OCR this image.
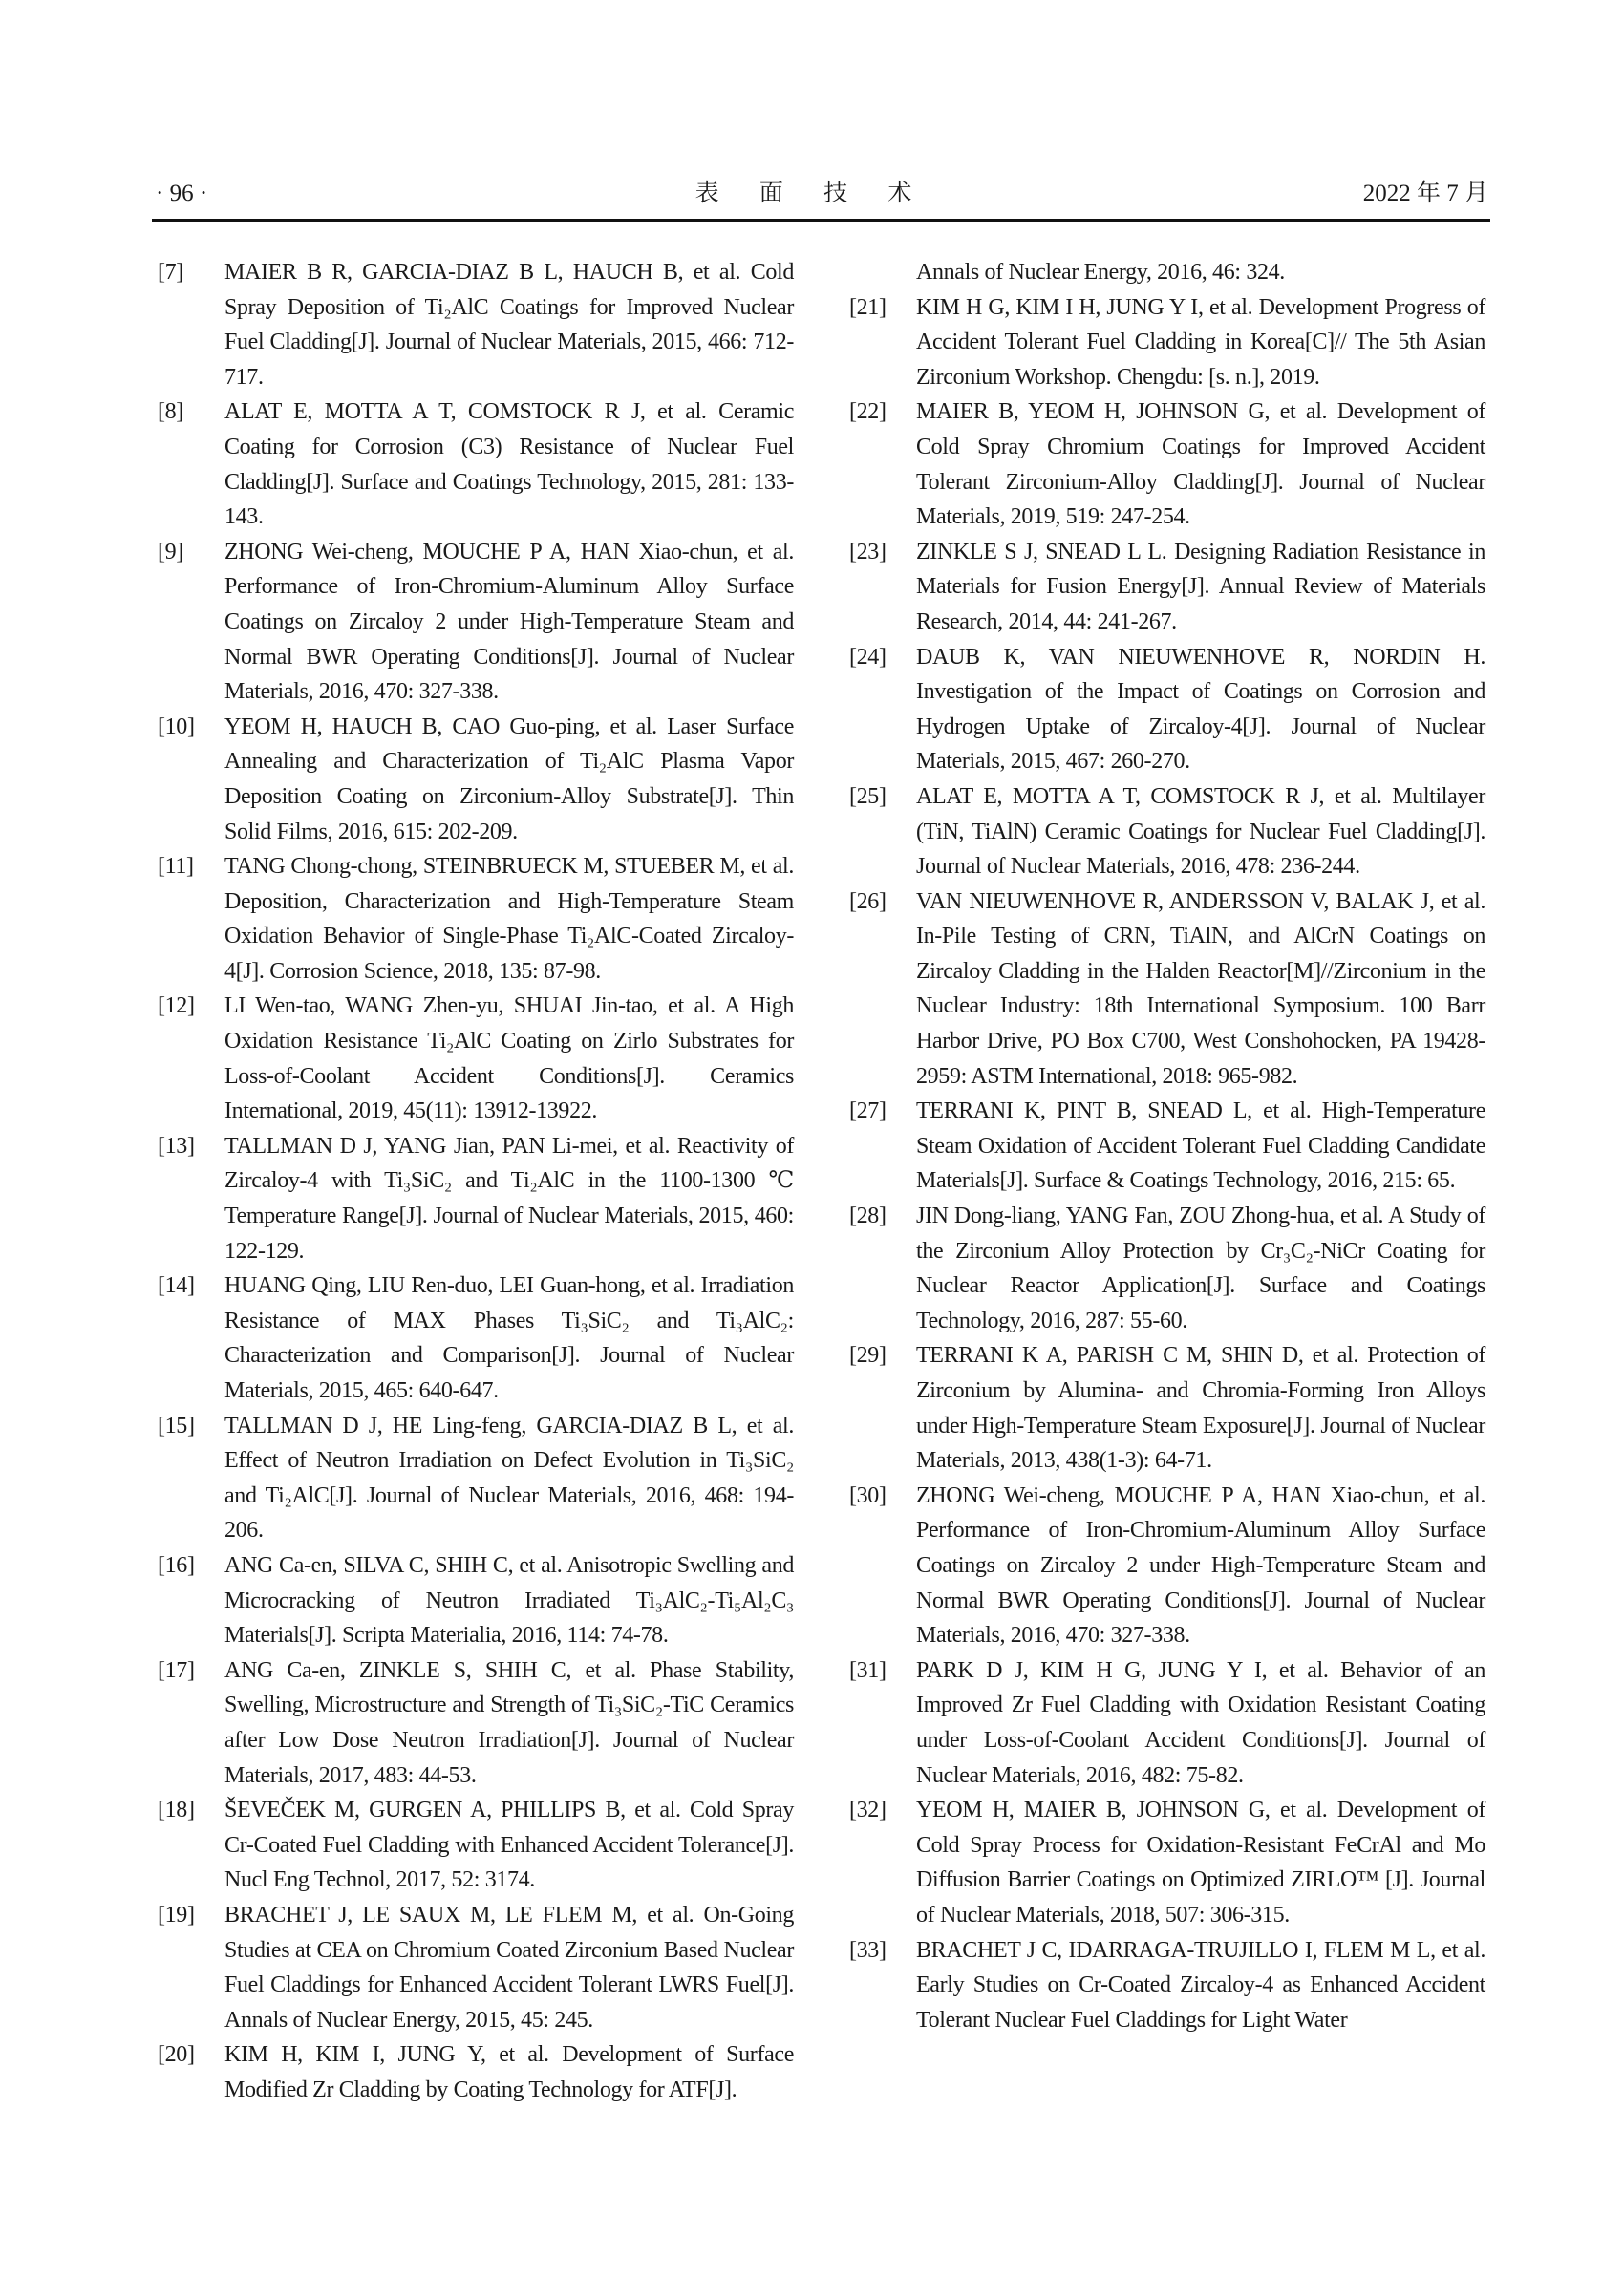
· 96 ·	表 面 技 术	2022 年 7 月
[7] MAIER B R, GARCIA-DIAZ B L, HAUCH B, et al. Cold Spray Deposition of Ti₂AlC Coatings for Improved Nuclear Fuel Cladding[J]. Journal of Nuclear Materials, 2015, 466: 712-717.
[8] ALAT E, MOTTA A T, COMSTOCK R J, et al. Ceramic Coating for Corrosion (C3) Resistance of Nuclear Fuel Cladding[J]. Surface and Coatings Technology, 2015, 281: 133-143.
[9] ZHONG Wei-cheng, MOUCHE P A, HAN Xiao-chun, et al. Performance of Iron-Chromium-Aluminum Alloy Surface Coatings on Zircaloy 2 under High-Temperature Steam and Normal BWR Operating Conditions[J]. Journal of Nuclear Materials, 2016, 470: 327-338.
[10] YEOM H, HAUCH B, CAO Guo-ping, et al. Laser Surface Annealing and Characterization of Ti₂AlC Plasma Vapor Deposition Coating on Zirconium-Alloy Substrate[J]. Thin Solid Films, 2016, 615: 202-209.
[11] TANG Chong-chong, STEINBRUECK M, STUEBER M, et al. Deposition, Characterization and High-Temperature Steam Oxidation Behavior of Single-Phase Ti₂AlC-Coated Zircaloy-4[J]. Corrosion Science, 2018, 135: 87-98.
[12] LI Wen-tao, WANG Zhen-yu, SHUAI Jin-tao, et al. A High Oxidation Resistance Ti₂AlC Coating on Zirlo Substrates for Loss-of-Coolant Accident Conditions[J]. Ceramics International, 2019, 45(11): 13912-13922.
[13] TALLMAN D J, YANG Jian, PAN Li-mei, et al. Reactivity of Zircaloy-4 with Ti₃SiC₂ and Ti₂AlC in the 1100-1300 ℃ Temperature Range[J]. Journal of Nuclear Materials, 2015, 460: 122-129.
[14] HUANG Qing, LIU Ren-duo, LEI Guan-hong, et al. Irradiation Resistance of MAX Phases Ti₃SiC₂ and Ti₃AlC₂: Characterization and Comparison[J]. Journal of Nuclear Materials, 2015, 465: 640-647.
[15] TALLMAN D J, HE Ling-feng, GARCIA-DIAZ B L, et al. Effect of Neutron Irradiation on Defect Evolution in Ti₃SiC₂ and Ti₂AlC[J]. Journal of Nuclear Materials, 2016, 468: 194-206.
[16] ANG Ca-en, SILVA C, SHIH C, et al. Anisotropic Swelling and Microcracking of Neutron Irradiated Ti₃AlC₂-Ti₅Al₂C₃ Materials[J]. Scripta Materialia, 2016, 114: 74-78.
[17] ANG Ca-en, ZINKLE S, SHIH C, et al. Phase Stability, Swelling, Microstructure and Strength of Ti₃SiC₂-TiC Ceramics after Low Dose Neutron Irradiation[J]. Journal of Nuclear Materials, 2017, 483: 44-53.
[18] ŠEVEČEK M, GURGEN A, PHILLIPS B, et al. Cold Spray Cr-Coated Fuel Cladding with Enhanced Accident Tolerance[J]. Nucl Eng Technol, 2017, 52: 3174.
[19] BRACHET J, LE SAUX M, LE FLEM M, et al. On-Going Studies at CEA on Chromium Coated Zirconium Based Nuclear Fuel Claddings for Enhanced Accident Tolerant LWRS Fuel[J]. Annals of Nuclear Energy, 2015, 45: 245.
[20] KIM H, KIM I, JUNG Y, et al. Development of Surface Modified Zr Cladding by Coating Technology for ATF[J].
Annals of Nuclear Energy, 2016, 46: 324.
[21] KIM H G, KIM I H, JUNG Y I, et al. Development Progress of Accident Tolerant Fuel Cladding in Korea[C]// The 5th Asian Zirconium Workshop. Chengdu: [s. n.], 2019.
[22] MAIER B, YEOM H, JOHNSON G, et al. Development of Cold Spray Chromium Coatings for Improved Accident Tolerant Zirconium-Alloy Cladding[J]. Journal of Nuclear Materials, 2019, 519: 247-254.
[23] ZINKLE S J, SNEAD L L. Designing Radiation Resistance in Materials for Fusion Energy[J]. Annual Review of Materials Research, 2014, 44: 241-267.
[24] DAUB K, VAN NIEUWENHOVE R, NORDIN H. Investigation of the Impact of Coatings on Corrosion and Hydrogen Uptake of Zircaloy-4[J]. Journal of Nuclear Materials, 2015, 467: 260-270.
[25] ALAT E, MOTTA A T, COMSTOCK R J, et al. Multilayer (TiN, TiAlN) Ceramic Coatings for Nuclear Fuel Cladding[J]. Journal of Nuclear Materials, 2016, 478: 236-244.
[26] VAN NIEUWENHOVE R, ANDERSSON V, BALAK J, et al. In-Pile Testing of CRN, TiAlN, and AlCrN Coatings on Zircaloy Cladding in the Halden Reactor[M]//Zirconium in the Nuclear Industry: 18th International Symposium. 100 Barr Harbor Drive, PO Box C700, West Conshohocken, PA 19428-2959: ASTM International, 2018: 965-982.
[27] TERRANI K, PINT B, SNEAD L, et al. High-Temperature Steam Oxidation of Accident Tolerant Fuel Cladding Candidate Materials[J]. Surface & Coatings Technology, 2016, 215: 65.
[28] JIN Dong-liang, YANG Fan, ZOU Zhong-hua, et al. A Study of the Zirconium Alloy Protection by Cr₃C₂-NiCr Coating for Nuclear Reactor Application[J]. Surface and Coatings Technology, 2016, 287: 55-60.
[29] TERRANI K A, PARISH C M, SHIN D, et al. Protection of Zirconium by Alumina- and Chromia-Forming Iron Alloys under High-Temperature Steam Exposure[J]. Journal of Nuclear Materials, 2013, 438(1-3): 64-71.
[30] ZHONG Wei-cheng, MOUCHE P A, HAN Xiao-chun, et al. Performance of Iron-Chromium-Aluminum Alloy Surface Coatings on Zircaloy 2 under High-Temperature Steam and Normal BWR Operating Conditions[J]. Journal of Nuclear Materials, 2016, 470: 327-338.
[31] PARK D J, KIM H G, JUNG Y I, et al. Behavior of an Improved Zr Fuel Cladding with Oxidation Resistant Coating under Loss-of-Coolant Accident Conditions[J]. Journal of Nuclear Materials, 2016, 482: 75-82.
[32] YEOM H, MAIER B, JOHNSON G, et al. Development of Cold Spray Process for Oxidation-Resistant FeCrAl and Mo Diffusion Barrier Coatings on Optimized ZIRLO™ [J]. Journal of Nuclear Materials, 2018, 507: 306-315.
[33] BRACHET J C, IDARRAGA-TRUJILLO I, FLEM M L, et al. Early Studies on Cr-Coated Zircaloy-4 as Enhanced Accident Tolerant Nuclear Fuel Claddings for Light Water
